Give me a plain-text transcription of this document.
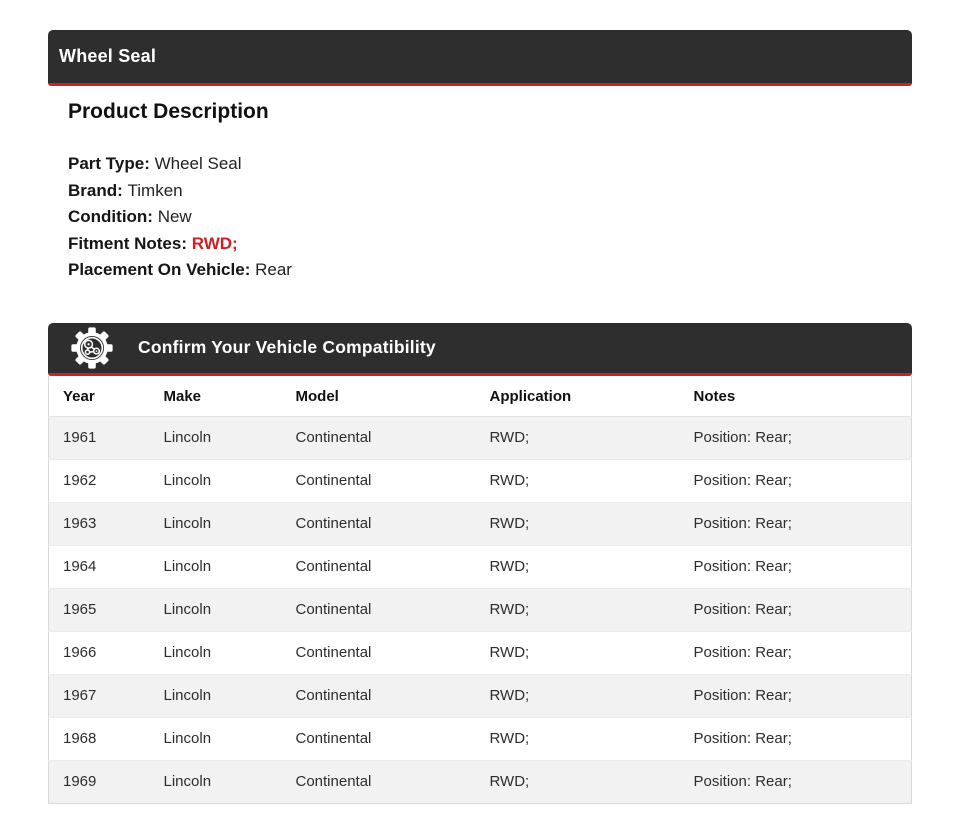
Wheel Seal
Product Description
Part Type: Wheel Seal
Brand: Timken
Condition: New
Fitment Notes: RWD;
Placement On Vehicle: Rear
Confirm Your Vehicle Compatibility
Year	Make	Model	Application	Notes
1961	Lincoln	Continental	RWD;	Position: Rear;
1962	Lincoln	Continental	RWD;	Position: Rear;
1963	Lincoln	Continental	RWD;	Position: Rear;
1964	Lincoln	Continental	RWD;	Position: Rear;
1965	Lincoln	Continental	RWD;	Position: Rear;
1966	Lincoln	Continental	RWD;	Position: Rear;
1967	Lincoln	Continental	RWD;	Position: Rear;
1968	Lincoln	Continental	RWD;	Position: Rear;
1969	Lincoln	Continental	RWD;	Position: Rear;
